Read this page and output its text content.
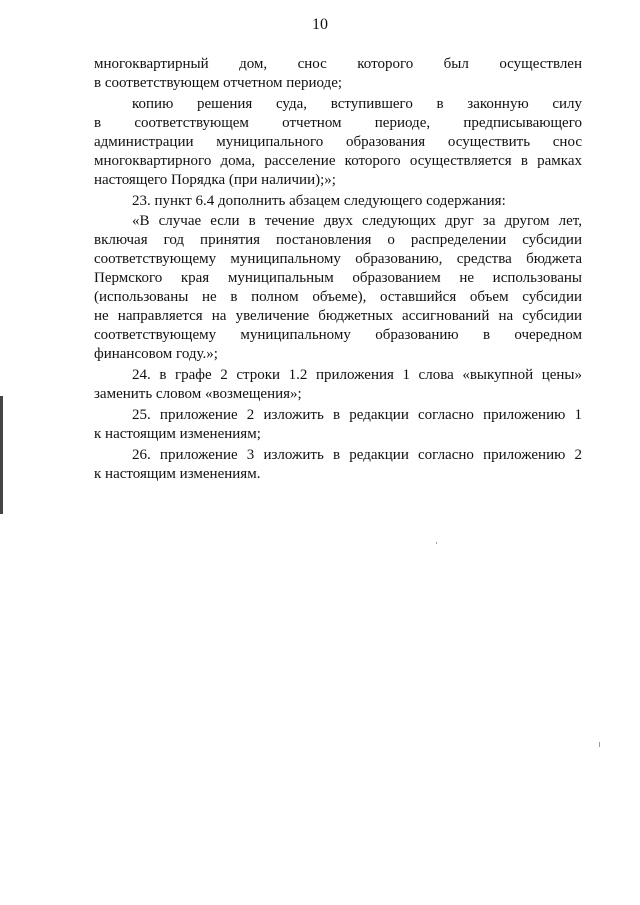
10
многоквартирный дом, снос которого был осуществлен
в соответствующем отчетном периоде;
копию решения суда, вступившего в законную силу
в соответствующем отчетном периоде, предписывающего
администрации муниципального образования осуществить снос
многоквартирного дома, расселение которого осуществляется в рамках
настоящего Порядка (при наличии);»;
23. пункт 6.4 дополнить абзацем следующего содержания:
«В случае если в течение двух следующих друг за другом лет,
включая год принятия постановления о распределении субсидии
соответствующему муниципальному образованию, средства бюджета
Пермского края муниципальным образованием не использованы
(использованы не в полном объеме), оставшийся объем субсидии
не направляется на увеличение бюджетных ассигнований на субсидии
соответствующему муниципальному образованию в очередном
финансовом году.»;
24. в графе 2 строки 1.2 приложения 1 слова «выкупной цены»
заменить словом «возмещения»;
25. приложение 2 изложить в редакции согласно приложению 1
к настоящим изменениям;
26. приложение 3 изложить в редакции согласно приложению 2
к настоящим изменениям.
